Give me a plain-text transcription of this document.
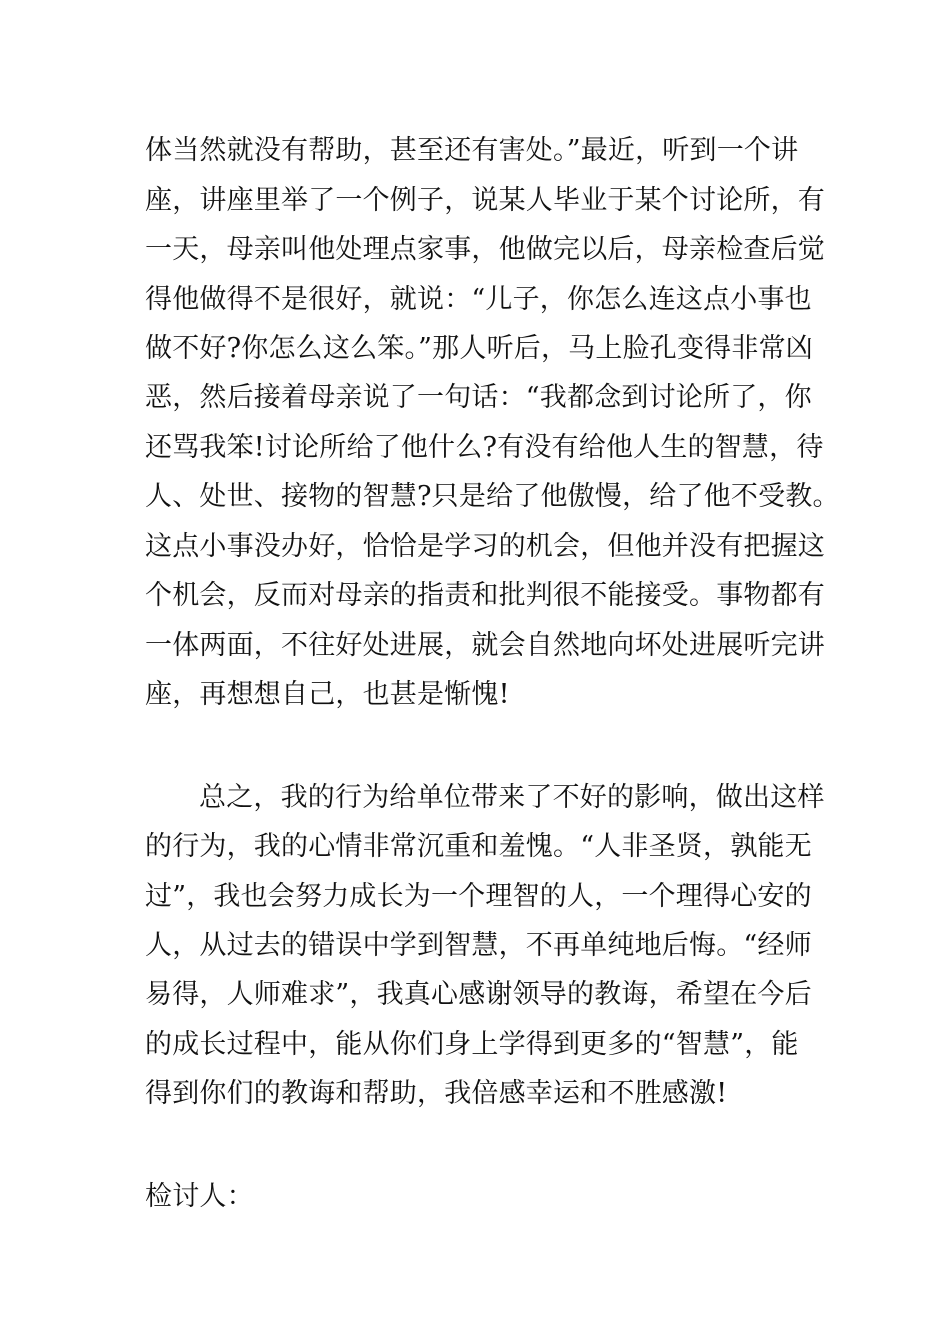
体当然就没有帮助，甚至还有害处。”最近，听到一个讲
座，讲座里举了一个例子，说某人毕业于某个讨论所，有
一天，母亲叫他处理点家事，他做完以后，母亲检查后觉
得他做得不是很好，就说：“儿子，你怎么连这点小事也
做不好?你怎么这么笨。”那人听后，马上脸孔变得非常凶
恶，然后接着母亲说了一句话：“我都念到讨论所了，你
还骂我笨!讨论所给了他什么?有没有给他人生的智慧，待
人、处世、接物的智慧?只是给了他傲慢，给了他不受教。
这点小事没办好，恰恰是学习的机会，但他并没有把握这
个机会，反而对母亲的指责和批判很不能接受。事物都有
一体两面，不往好处进展，就会自然地向坏处进展听完讲
座，再想想自己，也甚是惭愧!
总之，我的行为给单位带来了不好的影响，做出这样
的行为，我的心情非常沉重和羞愧。“人非圣贤，孰能无
过”，我也会努力成长为一个理智的人，一个理得心安的
人，从过去的错误中学到智慧，不再单纯地后悔。“经师
易得，人师难求”，我真心感谢领导的教诲，希望在今后
的成长过程中，能从你们身上学得到更多的“智慧”，能
得到你们的教诲和帮助，我倍感幸运和不胜感激!
检讨人：
